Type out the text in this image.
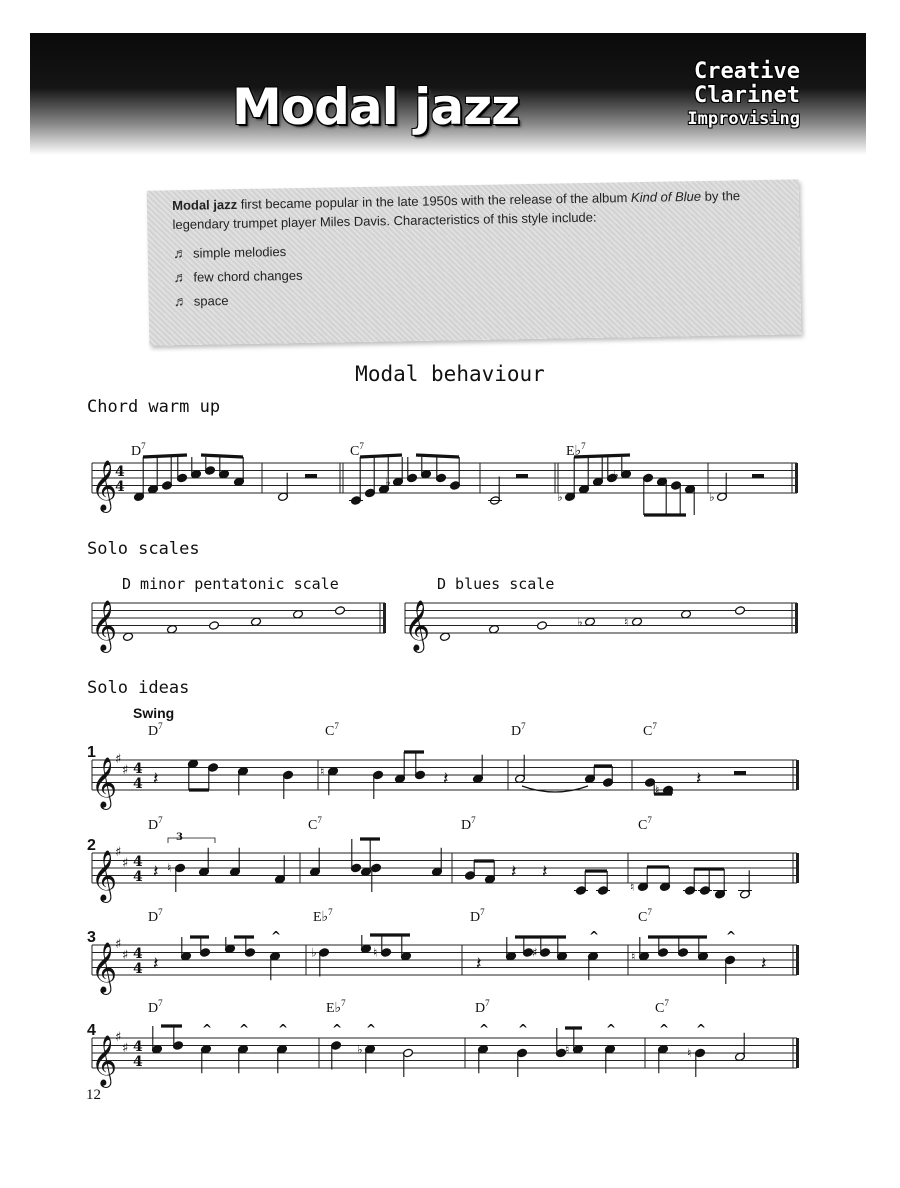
Modal jazz
Creative
Clarinet
Improvising
Modal jazz first became popular in the late 1950s with the release of the album Kind of Blue by the legendary trumpet player Miles Davis. Characteristics of this style include:
♬ simple melodies
♬ few chord changes
♬ space
Modal behaviour
Chord warm up
Solo scales
Solo ideas
D minor pentatonic scale	D blues scale
Swing
12
♭
♭
♭
♭
♭	♮
𝄽	♮	𝄽
♮
𝄽
𝄽 ♮
3
𝄽 𝄽
♮
𝄽
^
♭	♮
𝄽
♯
^
♮
^
𝄽
^ ^ ^	^
♭
^	^ ^
♮
^	^
♮
^
$D^7$	$C^7$	E♭$^7$
$D^7$	$C^7$	$D^7$	$C^7$
$D^7$	$C^7$	$D^7$	$C^7$
$D^7$	E♭$^7$	$D^7$	$C^7$
$D^7$	E♭$^7$	$D^7$	$C^7$
𝄞
4
4
𝄞	𝄞
1
𝄞
♯
♯ 4
4
2
𝄞
♯
♯ 4
4
3
𝄞
♯
♯ 4
4
4
𝄞
♯
♯ 4
4
